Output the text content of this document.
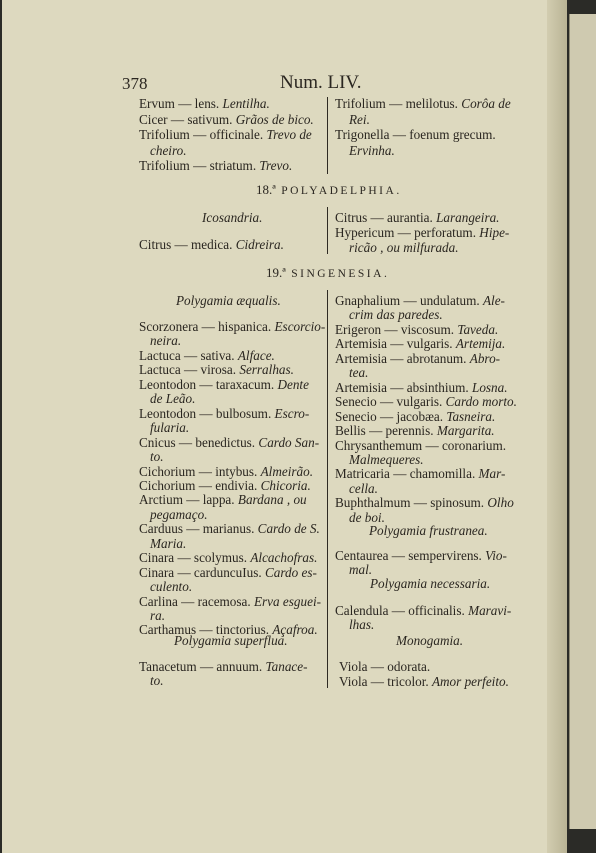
378	Num. LIV.
Ervum — lens. Lentilha.
Cicer — sativum. Grãos de bico.
Trifolium — officinale. Trevo de
cheiro.
Trifolium — striatum. Trevo.
Trifolium — melilotus. Corôa de
Rei.
Trigonella — foenum grecum.
Ervinha.
18.ª POLYADELPHIA.
Icosandria.
Citrus — medica. Cidreira.
Citrus — aurantia. Larangeira.
Hypericum — perforatum. Hipe-
ricão , ou milfurada.
19.ª SINGENESIA.
Polygamia æqualis.
Scorzonera — hispanica. Escorcio-
neira.
Lactuca — sativa. Alface.
Lactuca — virosa. Serralhas.
Leontodon — taraxacum. Dente
de Leão.
Leontodon — bulbosum. Escro-
fularia.
Cnicus — benedictus. Cardo San-
to.
Cichorium — intybus. Almeirão.
Cichorium — endivia. Chicoria.
Arctium — lappa. Bardana , ou
pegamaço.
Carduus — marianus. Cardo de S.
Maria.
Cinara — scolymus. Alcachofras.
Cinara — carduncuIus. Cardo es-
culento.
Carlina — racemosa. Erva esguei-
ra.
Carthamus — tinctorius. Açafroa.
Polygamia superflua.
Tanacetum — annuum. Tanace-
to.
Gnaphalium — undulatum. Ale-
crim das paredes.
Erigeron — viscosum. Taveda.
Artemisia — vulgaris. Artemija.
Artemisia — abrotanum. Abro-
tea.
Artemisia — absinthium. Losna.
Senecio — vulgaris. Cardo morto.
Senecio — jacobæa. Tasneira.
Bellis — perennis. Margarita.
Chrysanthemum — coronarium.
Malmequeres.
Matricaria — chamomilla. Mar-
cella.
Buphthalmum — spinosum. Olho
de boi.
Polygamia frustranea.
Centaurea — sempervirens. Vio-
mal.
Polygamia necessaria.
Calendula — officinalis. Maravi-
lhas.
Monogamia.
Viola — odorata.
Viola — tricolor. Amor perfeito.
